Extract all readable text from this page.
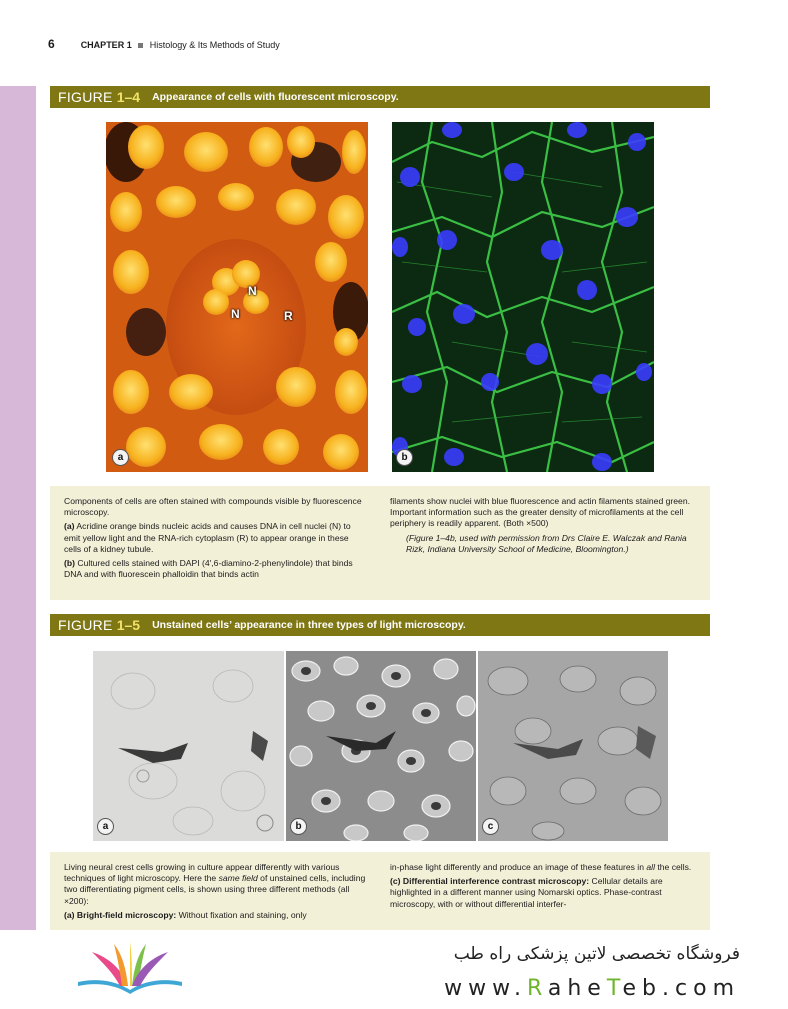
6	CHAPTER 1 Histology & Its Methods of Study
FIGURE 1–4 Appearance of cells with fluorescent microscopy.
N
N	R
a	b

Components of cells are often stained with compounds visible by fluorescence microscopy.

(a) Acridine orange binds nucleic acids and causes DNA in cell nuclei (N) to emit yellow light and the RNA-rich cytoplasm (R) to appear orange in these cells of a kidney tubule.

(b) Cultured cells stained with DAPI (4′,6-diamino-2-phenylindole) that binds DNA and with fluorescein phalloidin that binds actin

filaments show nuclei with blue fluorescence and actin filaments stained green. Important information such as the greater density of microfilaments at the cell periphery is readily apparent. (Both ×500)

(Figure 1–4b, used with permission from Drs Claire E. Walczak and Rania Rizk, Indiana University School of Medicine, Bloomington.)

FIGURE 1–5 Unstained cells’ appearance in three types of light microscopy.
a	b	c

Living neural crest cells growing in culture appear differently with various techniques of light microscopy. Here the same field of unstained cells, including two differentiating pigment cells, is shown using three different methods (all ×200):

(a) Bright-field microscopy: Without fixation and staining, only

in-phase light differently and produce an image of these features in all the cells.

(c) Differential interference contrast microscopy: Cellular details are highlighted in a different manner using Nomarski optics. Phase-contrast microscopy, with or without differential interfer-

فروشگاه تخصصی لاتین پزشکی راه طب
www.RaheTeb.com
